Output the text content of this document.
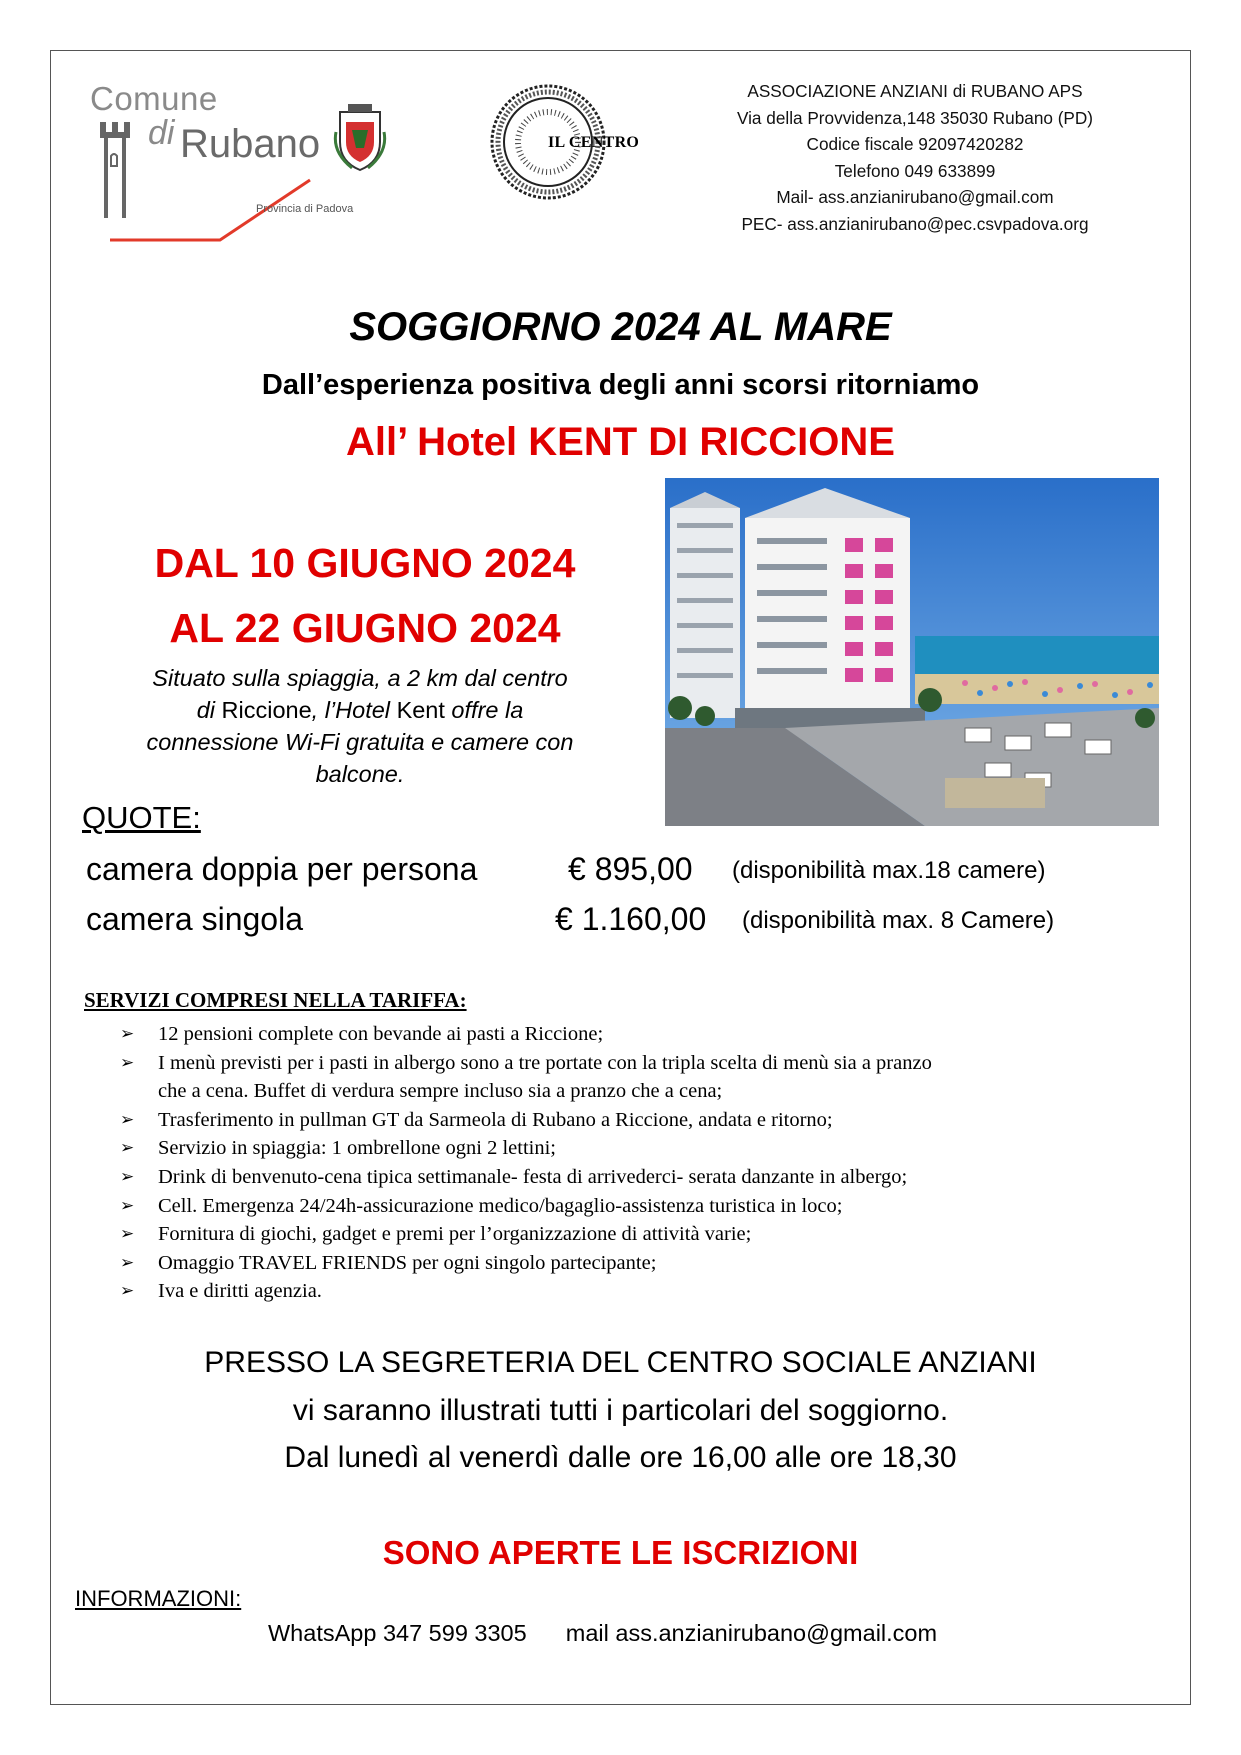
Comune
di Rubano
Provincia di Padova
IL CENTRO
ASSOCIAZIONE ANZIANI di RUBANO APS
Via della Provvidenza,148 35030 Rubano (PD)
Codice fiscale 92097420282
Telefono 049 633899
Mail- ass.anzianirubano@gmail.com
PEC- ass.anzianirubano@pec.csvpadova.org
SOGGIORNO 2024 AL MARE
Dall’esperienza positiva degli anni scorsi ritorniamo
All’ Hotel KENT DI RICCIONE
DAL 10 GIUGNO 2024
AL 22 GIUGNO 2024
Situato sulla spiaggia, a 2 km dal centro
di Riccione, l’Hotel Kent offre la
connessione Wi-Fi gratuita e camere con
balcone.
QUOTE:
camera doppia per persona	€ 895,00 (disponibilità max.18 camere)
camera singola	€ 1.160,00 (disponibilità max. 8 Camere)
SERVIZI COMPRESI NELLA TARIFFA:
➢ 12 pensioni complete con bevande ai pasti a Riccione;
➢ I menù previsti per i pasti in albergo sono a tre portate con la tripla scelta di menù sia a pranzo
che a cena. Buffet di verdura sempre incluso sia a pranzo che a cena;
➢ Trasferimento in pullman GT da Sarmeola di Rubano a Riccione, andata e ritorno;
➢ Servizio in spiaggia: 1 ombrellone ogni 2 lettini;
➢ Drink di benvenuto-cena tipica settimanale- festa di arrivederci- serata danzante in albergo;
➢ Cell. Emergenza 24/24h-assicurazione medico/bagaglio-assistenza turistica in loco;
➢ Fornitura di giochi, gadget e premi per l’organizzazione di attività varie;
➢ Omaggio TRAVEL FRIENDS per ogni singolo partecipante;
➢ Iva e diritti agenzia.
PRESSO LA SEGRETERIA DEL CENTRO SOCIALE ANZIANI
vi saranno illustrati tutti i particolari del soggiorno.
Dal lunedì al venerdì dalle ore 16,00 alle ore 18,30
SONO APERTE LE ISCRIZIONI
INFORMAZIONI:
WhatsApp 347 599 3305 mail ass.anzianirubano@gmail.com
